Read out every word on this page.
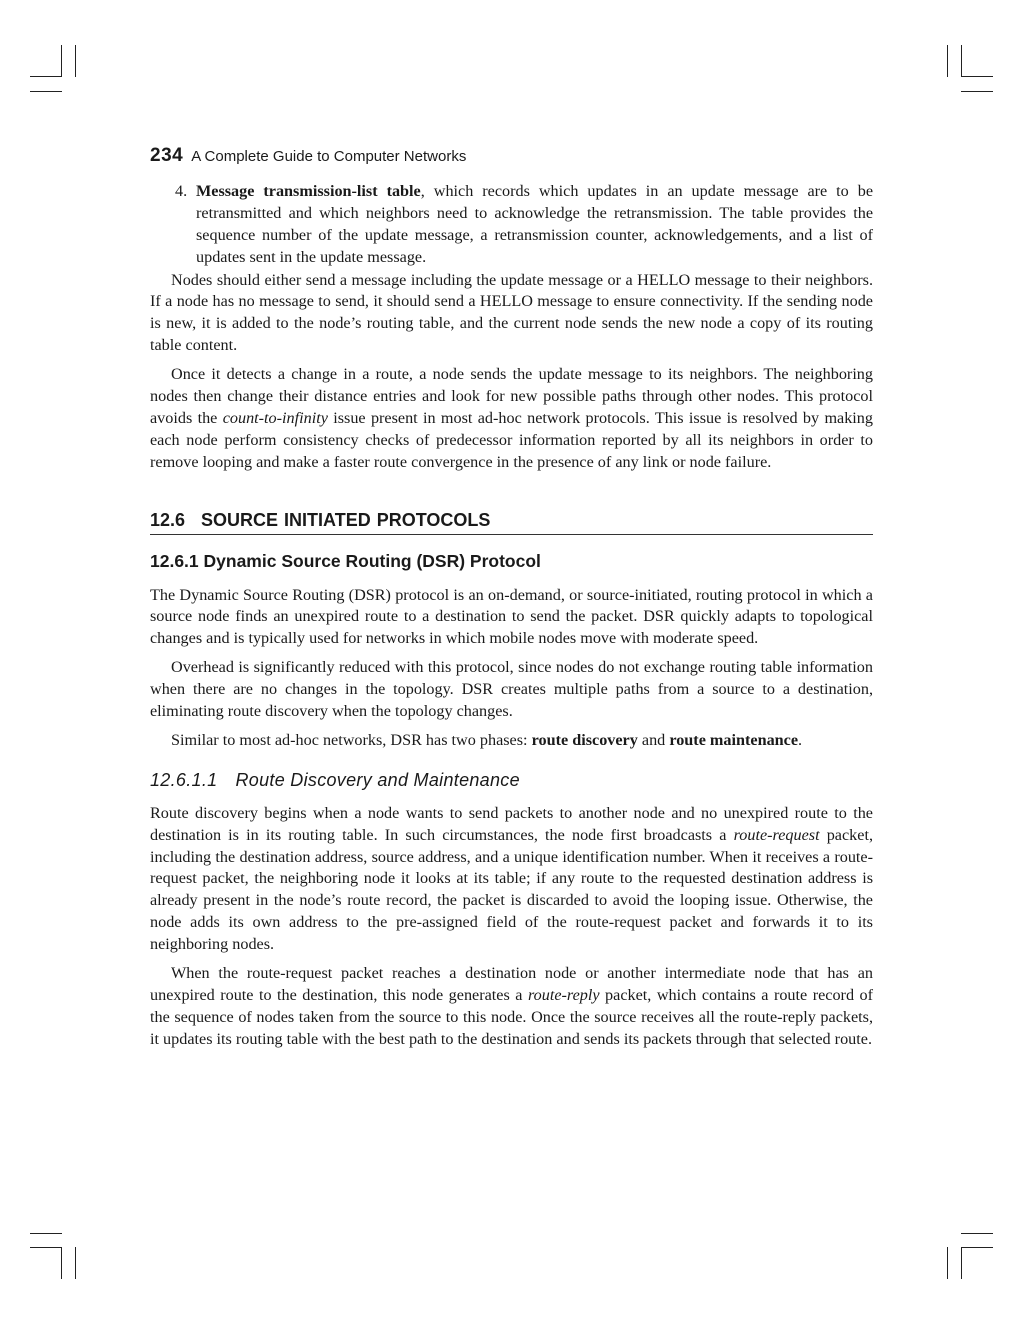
234 A Complete Guide to Computer Networks
4. Message transmission-list table, which records which updates in an update message are to be retransmitted and which neighbors need to acknowledge the retransmission. The table provides the sequence number of the update message, a retransmission counter, acknowledgements, and a list of updates sent in the update message.

Nodes should either send a message including the update message or a HELLO message to their neighbors. If a node has no message to send, it should send a HELLO message to ensure connectivity. If the sending node is new, it is added to the node’s routing table, and the current node sends the new node a copy of its routing table content.

Once it detects a change in a route, a node sends the update message to its neighbors. The neighboring nodes then change their distance entries and look for new possible paths through other nodes. This protocol avoids the count-to-infinity issue present in most ad-hoc network protocols. This issue is resolved by making each node perform consistency checks of predecessor information reported by all its neighbors in order to remove looping and make a faster route convergence in the presence of any link or node failure.

12.6 SOURCE INITIATED PROTOCOLS
12.6.1 Dynamic Source Routing (DSR) Protocol

The Dynamic Source Routing (DSR) protocol is an on-demand, or source-initiated, routing protocol in which a source node finds an unexpired route to a destination to send the packet. DSR quickly adapts to topological changes and is typically used for networks in which mobile nodes move with moderate speed.

Overhead is significantly reduced with this protocol, since nodes do not exchange routing table information when there are no changes in the topology. DSR creates multiple paths from a source to a destination, eliminating route discovery when the topology changes.

Similar to most ad-hoc networks, DSR has two phases: route discovery and route maintenance.

12.6.1.1 Route Discovery and Maintenance

Route discovery begins when a node wants to send packets to another node and no unexpired route to the destination is in its routing table. In such circumstances, the node first broadcasts a route-request packet, including the destination address, source address, and a unique identification number. When it receives a route-request packet, the neighboring node it looks at its table; if any route to the requested destination address is already present in the node’s route record, the packet is discarded to avoid the looping issue. Otherwise, the node adds its own address to the pre-assigned field of the route-request packet and forwards it to its neighboring nodes.

When the route-request packet reaches a destination node or another intermediate node that has an unexpired route to the destination, this node generates a route-reply packet, which contains a route record of the sequence of nodes taken from the source to this node. Once the source receives all the route-reply packets, it updates its routing table with the best path to the destination and sends its packets through that selected route.
